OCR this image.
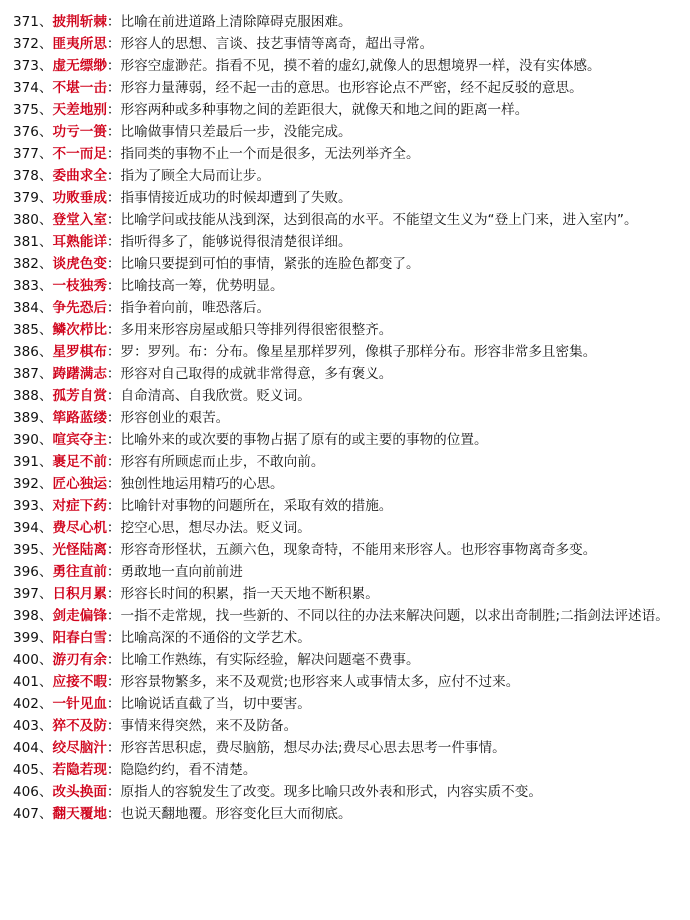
371、披荆斩棘：比喻在前进道路上清除障碍克服困难。

372、匪夷所思：形容人的思想、言谈、技艺事情等离奇，超出寻常。

373、虚无缥缈：形容空虚渺茫。指看不见，摸不着的虚幻,就像人的思想境界一样，没有实体感。

374、不堪一击：形容力量薄弱，经不起一击的意思。也形容论点不严密，经不起反驳的意思。

375、天差地别：形容两种或多种事物之间的差距很大，就像天和地之间的距离一样。

376、功亏一篑：比喻做事情只差最后一步，没能完成。

377、不一而足：指同类的事物不止一个而是很多，无法列举齐全。

378、委曲求全：指为了顾全大局而让步。

379、功败垂成：指事情接近成功的时候却遭到了失败。

380、登堂入室：比喻学问或技能从浅到深，达到很高的水平。不能望文生义为“登上门来，进入室内”。

381、耳熟能详：指听得多了，能够说得很清楚很详细。

382、谈虎色变：比喻只要提到可怕的事情，紧张的连脸色都变了。

383、一枝独秀：比喻技高一筹，优势明显。

384、争先恐后：指争着向前，唯恐落后。

385、鳞次栉比：多用来形容房屋或船只等排列得很密很整齐。

386、星罗棋布：罗：罗列。布：分布。像星星那样罗列，像棋子那样分布。形容非常多且密集。

387、踌躇满志：形容对自己取得的成就非常得意，多有褒义。

388、孤芳自赏：自命清高、自我欣赏。贬义词。

389、筚路蓝缕：形容创业的艰苦。

390、喧宾夺主：比喻外来的或次要的事物占据了原有的或主要的事物的位置。

391、裹足不前：形容有所顾虑而止步，不敢向前。

392、匠心独运：独创性地运用精巧的心思。

393、对症下药：比喻针对事物的问题所在，采取有效的措施。

394、费尽心机：挖空心思，想尽办法。贬义词。

395、光怪陆离：形容奇形怪状，五颜六色，现象奇特，不能用来形容人。也形容事物离奇多变。

396、勇往直前：勇敢地一直向前前进

397、日积月累：形容长时间的积累，指一天天地不断积累。

398、剑走偏锋：一指不走常规，找一些新的、不同以往的办法来解决问题，以求出奇制胜;二指剑法评述语。

399、阳春白雪：比喻高深的不通俗的文学艺术。

400、游刃有余：比喻工作熟练，有实际经验，解决问题毫不费事。

401、应接不暇：形容景物繁多，来不及观赏;也形容来人或事情太多，应付不过来。

402、一针见血：比喻说话直截了当，切中要害。

403、猝不及防：事情来得突然，来不及防备。

404、绞尽脑汁：形容苦思积虑，费尽脑筋，想尽办法;费尽心思去思考一件事情。

405、若隐若现：隐隐约约，看不清楚。

406、改头换面：原指人的容貌发生了改变。现多比喻只改外表和形式，内容实质不变。

407、翻天覆地：也说天翻地覆。形容变化巨大而彻底。
